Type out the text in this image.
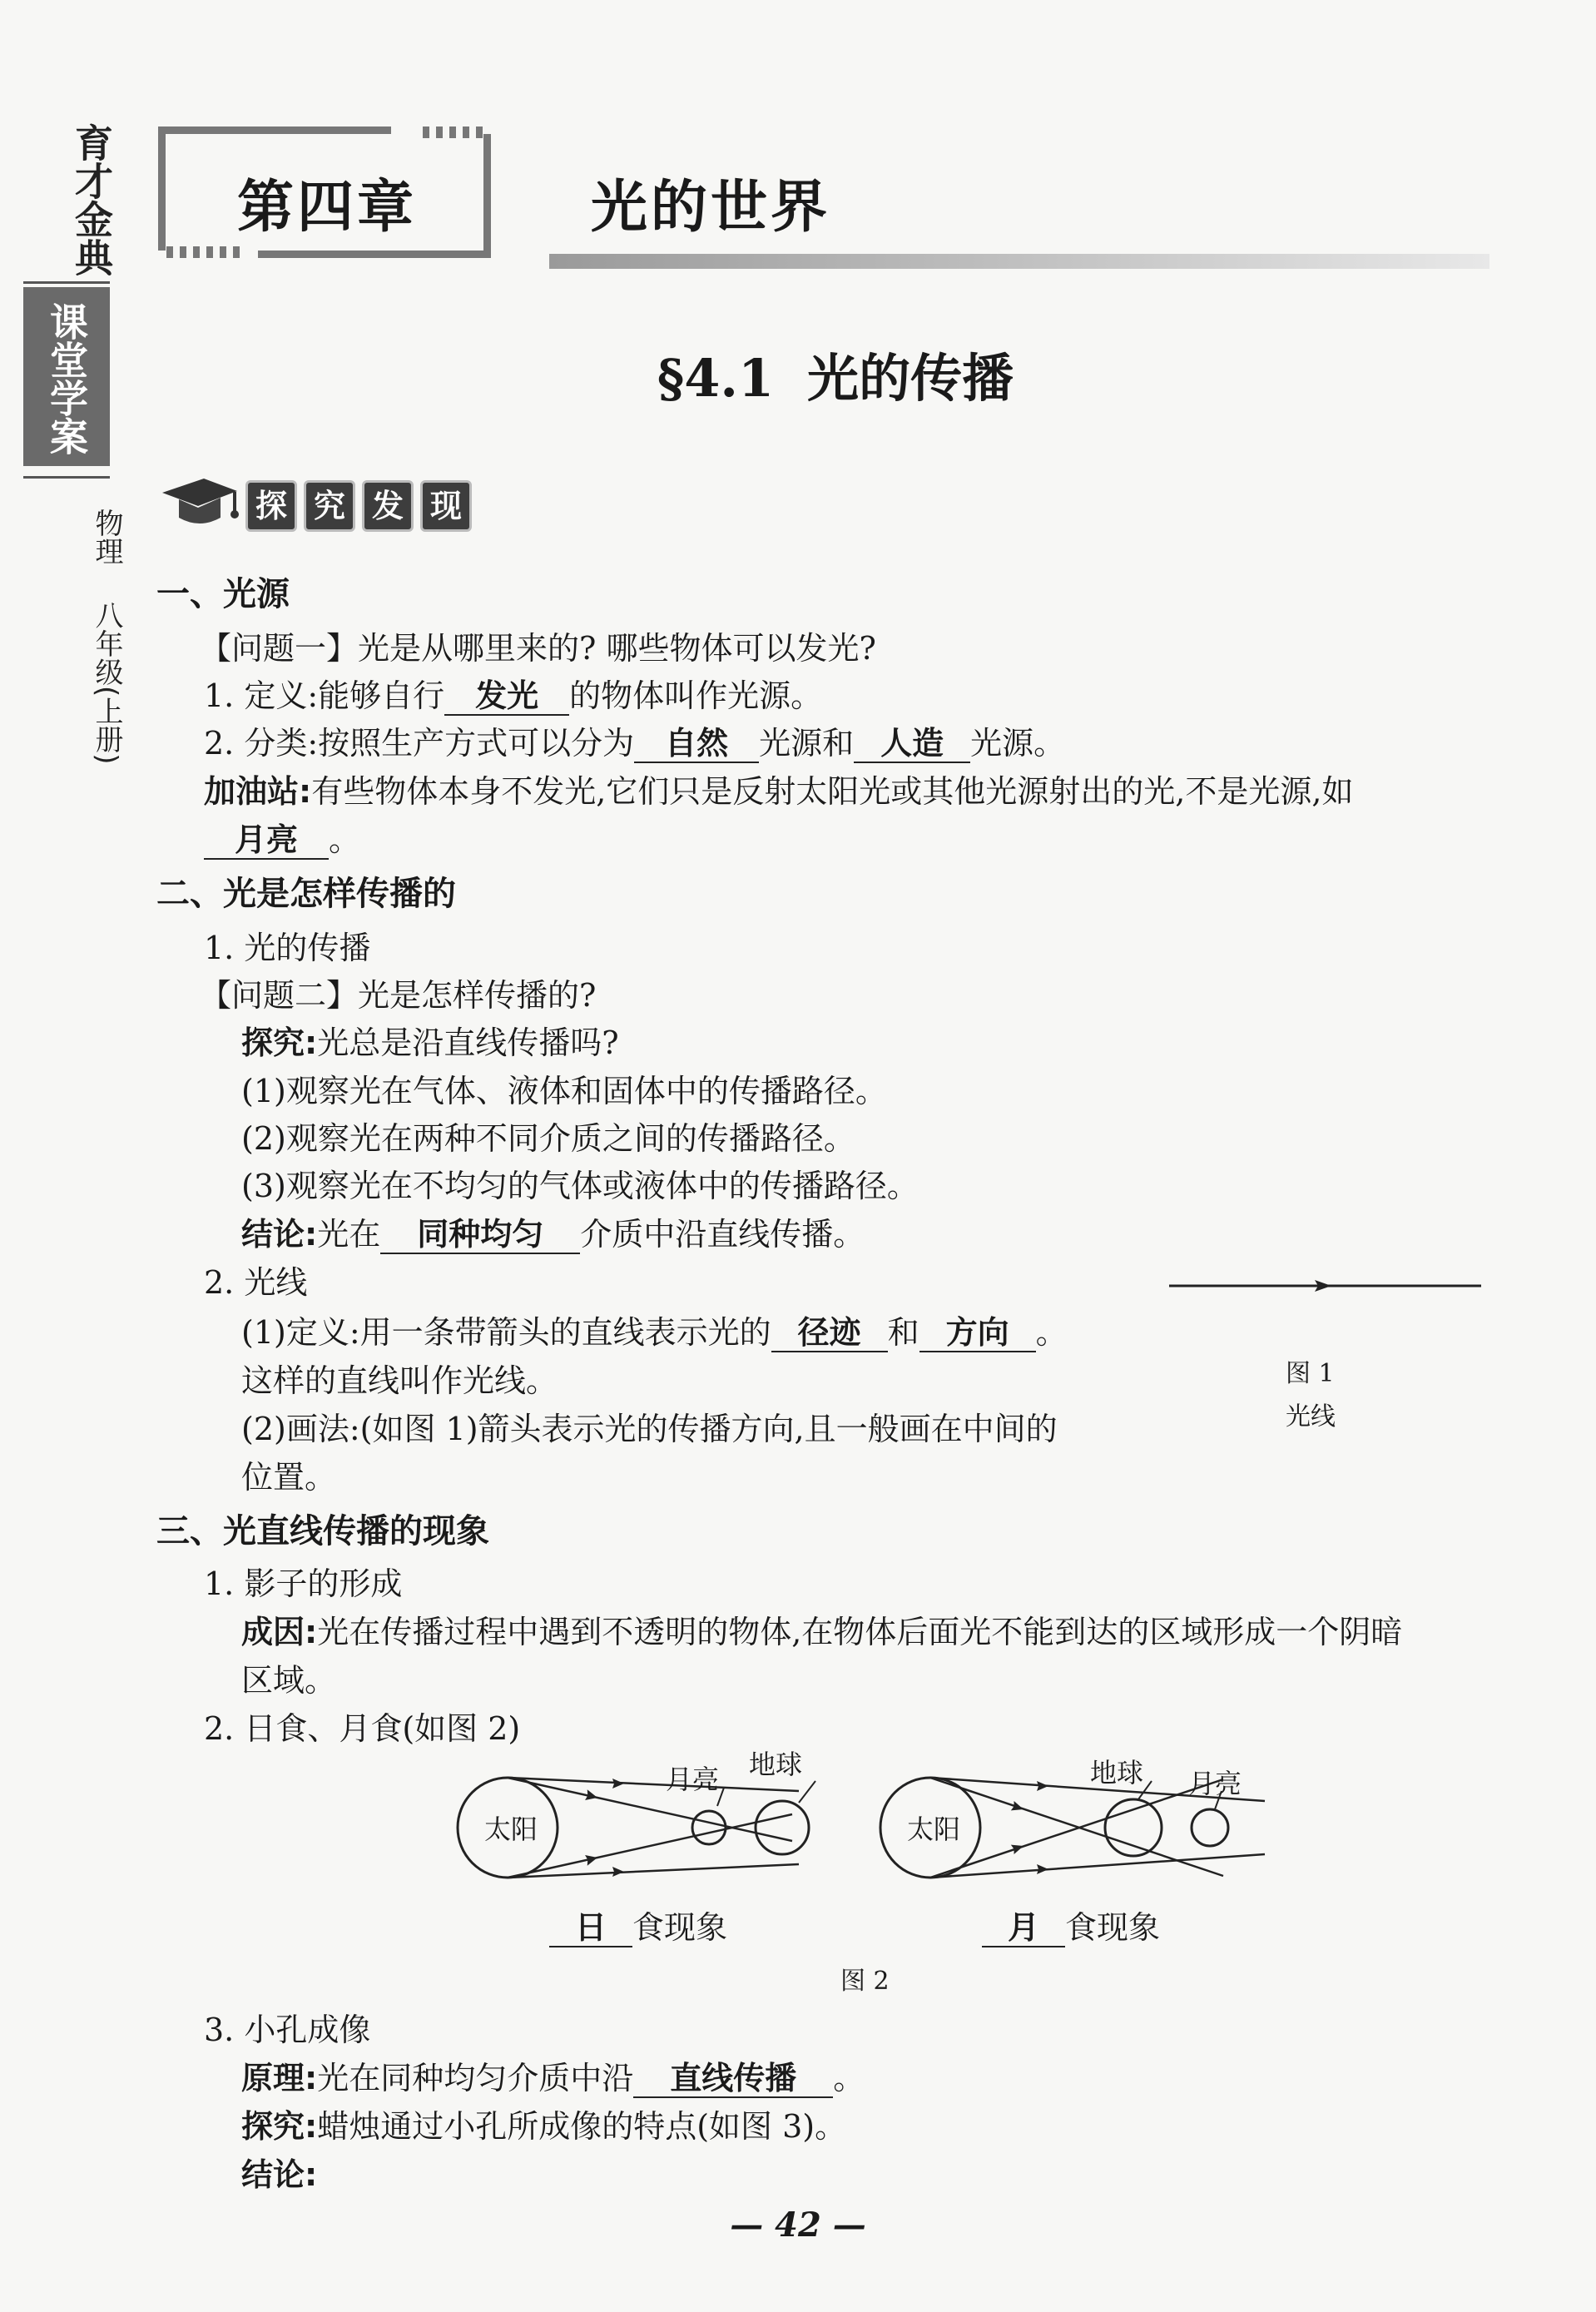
育才金典
课堂学案
物理
八年级(上册)
第四章	光的世界
§4.1 光的传播
探 究 发 现
一、光源
【问题一】光是从哪里来的? 哪些物体可以发光?
1. 定义:能够自行 发光 的物体叫作光源。
2. 分类:按照生产方式可以分为 自然 光源和 人造 光源。
加油站:有些物体本身不发光,它们只是反射太阳光或其他光源射出的光,不是光源,如
月亮 。
二、光是怎样传播的
1. 光的传播
【问题二】光是怎样传播的?
探究:光总是沿直线传播吗?
(1)观察光在气体、液体和固体中的传播路径。
(2)观察光在两种不同介质之间的传播路径。
(3)观察光在不均匀的气体或液体中的传播路径。
结论:光在 同种均匀 介质中沿直线传播。
2. 光线
(1)定义:用一条带箭头的直线表示光的 径迹 和 方向 。
这样的直线叫作光线。
(2)画法:(如图 1)箭头表示光的传播方向,且一般画在中间的
位置。
图 1
光线
三、光直线传播的现象
1. 影子的形成
成因:光在传播过程中遇到不透明的物体,在物体后面光不能到达的区域形成一个阴暗
区域。
2. 日食、月食(如图 2)
太阳
月亮 地球
太阳
地球 月亮
日 食现象	月 食现象
图 2
3. 小孔成像
原理:光在同种均匀介质中沿 直线传播 。
探究:蜡烛通过小孔所成像的特点(如图 3)。
结论:
— 42 —
